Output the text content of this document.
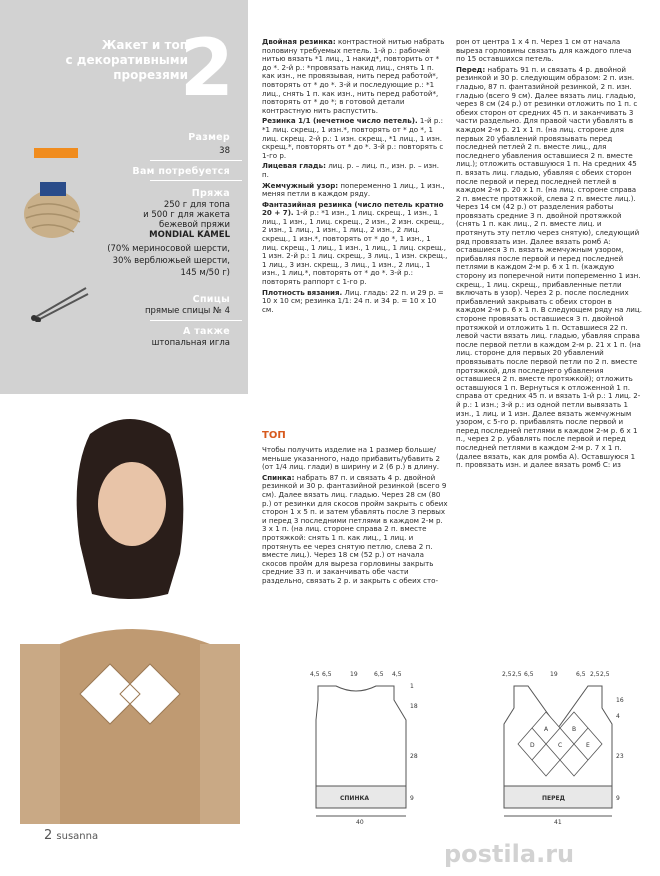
Жакет и топ
с декоративными
прорезями
2
Размер
38
Вам потребуется
Пряжа
250 г для топа
и 500 г для жакета
бежевой пряжи
MONDIAL KAMEL
(70% мериносовой шерсти,
30% верблюжьей шерсти,
145 м/50 г)
Спицы
прямые спицы № 4
А также
штопальная игла
2 susanna

Двойная резинка: контрастной нитью набрать половину требуемых петель. 1-й р.: рабочей нитью вязать *1 лиц., 1 накид*, повторить от * до *. 2-й р.: *провязать накид лиц., снять 1 п. как изн., не провязывая, нить перед работой*, повторять от * до *. 3-й и последующие р.: *1 лиц., снять 1 п. как изн., нить перед работой*, повторять от * до *; в готовой детали контрастную нить распустить.

Резинка 1/1 (нечетное число петель). 1-й р.: *1 лиц. скрещ., 1 изн.*, повторять от * до *, 1 лиц. скрещ. 2-й р.: 1 изн. скрещ., *1 лиц., 1 изн. скрещ.*, повторять от * до *. 3-й р.: повторять с 1-го р.

Лицевая гладь: лиц. р. – лиц. п., изн. р. – изн. п.

Жемчужный узор: попеременно 1 лиц., 1 изн., меняя петли в каждом ряду.

Фантазийная резинка (число петель кратно 20 + 7). 1-й р.: *1 изн., 1 лиц. скрещ., 1 изн., 1 лиц., 1 изн., 1 лиц. скрещ., 2 изн., 2 изн. скрещ., 2 изн., 1 лиц., 1 изн., 1 лиц., 2 изн., 2 лиц. скрещ., 1 изн.*, повторять от * до *, 1 изн., 1 лиц. скрещ., 1 лиц., 1 изн., 1 лиц., 1 лиц. скрещ., 1 изн. 2-й р.: 1 лиц. скрещ., 3 лиц., 1 изн. скрещ., 1 лиц., 3 изн. скрещ., 3 лиц., 1 изн., 2 лиц., 1 изн., 1 лиц.*, повторять от * до *. 3-й р.: повторять раппорт с 1-го р.

Плотность вязания. Лиц. гладь: 22 п. и 29 р. = 10 х 10 см; резинка 1/1: 24 п. и 34 р. = 10 х 10 см.

ТОП

Чтобы получить изделие на 1 размер больше/меньше указанного, надо прибавить/убавить 2 (от 1/4 лиц. глади) в ширину и 2 (6 р.) в длину.

Спинка: набрать 87 п. и связать 4 р. двойной резинкой и 30 р. фантазийной резинкой (всего 9 см). Далее вязать лиц. гладью. Через 28 см (80 р.) от резинки для скосов пройм закрыть с обеих сторон 1 х 5 п. и затем убавлять после 3 первых и перед 3 последними петлями в каждом 2-м р. 3 х 1 п. (на лиц. стороне справа 2 п. вместе протяжкой: снять 1 п. как лиц., 1 лиц. и протянуть ее через снятую петлю, слева 2 п. вместе лиц.). Через 18 см (52 р.) от начала скосов пройм для выреза горловины закрыть средние 33 п. и заканчивать обе части раздельно, связать 2 р. и закрыть с обеих сто-

рон от центра 1 х 4 п. Через 1 см от начала выреза горловины связать для каждого плеча по 15 оставшихся петель.

Перед: набрать 91 п. и связать 4 р. двойной резинкой и 30 р. следующим образом: 2 п. изн. гладью, 87 п. фантазийной резинкой, 2 п. изн. гладью (всего 9 см). Далее вязать лиц. гладью, через 8 см (24 р.) от резинки отложить по 1 п. с обеих сторон от средних 45 п. и заканчивать 3 части раздельно. Для правой части убавлять в каждом 2-м р. 21 х 1 п. (на лиц. стороне для первых 20 убавлений провязывать перед последней петлей 2 п. вместе лиц., для последнего убавления оставшиеся 2 п. вместе лиц.); отложить оставшуюся 1 п. На средних 45 п. вязать лиц. гладью, убавляя с обеих сторон после первой и перед последней петлей в каждом 2-м р. 20 х 1 п. (на лиц. стороне справа 2 п. вместе протяжкой, слева 2 п. вместе лиц.). Через 14 см (42 р.) от разделения работы провязать средние 3 п. двойной протяжкой (снять 1 п. как лиц., 2 п. вместе лиц. и протянуть эту петлю через снятую), следующий ряд провязать изн. Далее вязать ромб А: оставшиеся 3 п. вязать жемчужным узором, прибавляя после первой и перед последней петлями в каждом 2-м р. 6 х 1 п. (каждую сторону из поперечной нити попеременно 1 изн. скрещ., 1 лиц. скрещ., прибавленные петли включать в узор). Через 2 р. после последних прибавлений закрывать с обеих сторон в каждом 2-м р. 6 х 1 п. В следующем ряду на лиц. стороне провязать оставшиеся 3 п. двойной протяжкой и отложить 1 п. Оставшиеся 22 п. левой части вязать лиц. гладью, убавляя справа после первой петли в каждом 2-м р. 21 х 1 п. (на лиц. стороне для первых 20 убавлений провязывать после первой петли по 2 п. вместе протяжкой, для последнего убавления оставшиеся 2 п. вместе протяжкой); отложить оставшуюся 1 п. Вернуться к отложенной 1 п. справа от средних 45 п. и вязать 1-й р.: 1 лиц. 2-й р.: 1 изн.; 3-й р.: из одной петли вывязать 1 изн., 1 лиц. и 1 изн. Далее вязать жемчужным узором, с 5-го р. прибавлять после первой и перед последней петлями в каждом 2-м р. 6 х 1 п., через 2 р. убавлять после первой и перед последней петлями в каждом 2-м р. 7 х 1 п. (далее вязать, как для ромба А). Оставшуюся 1 п. провязать изн. и далее вязать ромб С: из

4,5 6,5	19	6,5 4,5
СПИНКА
1
18
28
9
40
2,5 2,5 6,5	19	6,5 2,5 2,5
A	B
C
D	E
ПЕРЕД
16
4
23
9
41
postila.ru
